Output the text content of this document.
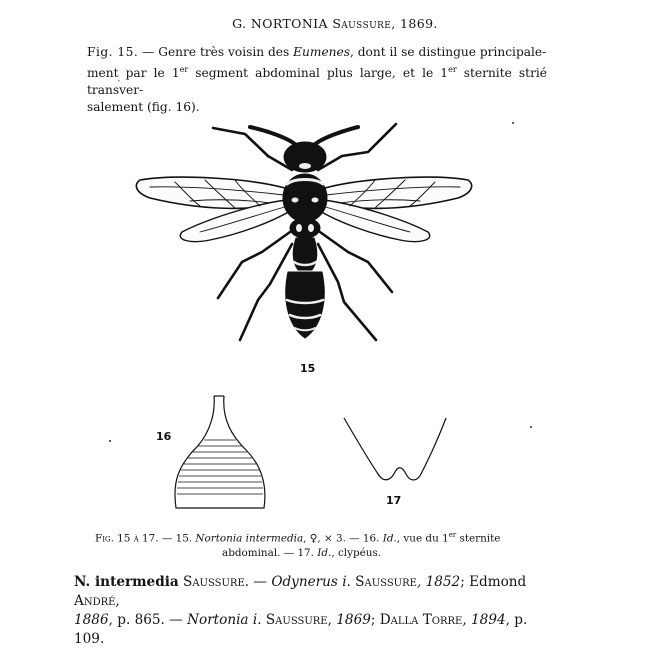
G. NORTONIA Saussure, 1869.
Fig. 15. — Genre très voisin des Eumenes, dont il se distingue principale-
ment par le 1er segment abdominal plus large, et le 1er sternite strié transver-
salement (fig. 16).
15
16
17
Fig. 15 à 17. — 15. Nortonia intermedia, ♀, × 3. — 16. Id., vue du 1er sternite
abdominal. — 17. Id., clypéus.
N. intermedia Saussure. — Odynerus i. Saussure, 1852; Edmond André,
1886, p. 865. — Nortonia i. Saussure, 1869; Dalla Torre, 1894, p. 109.
